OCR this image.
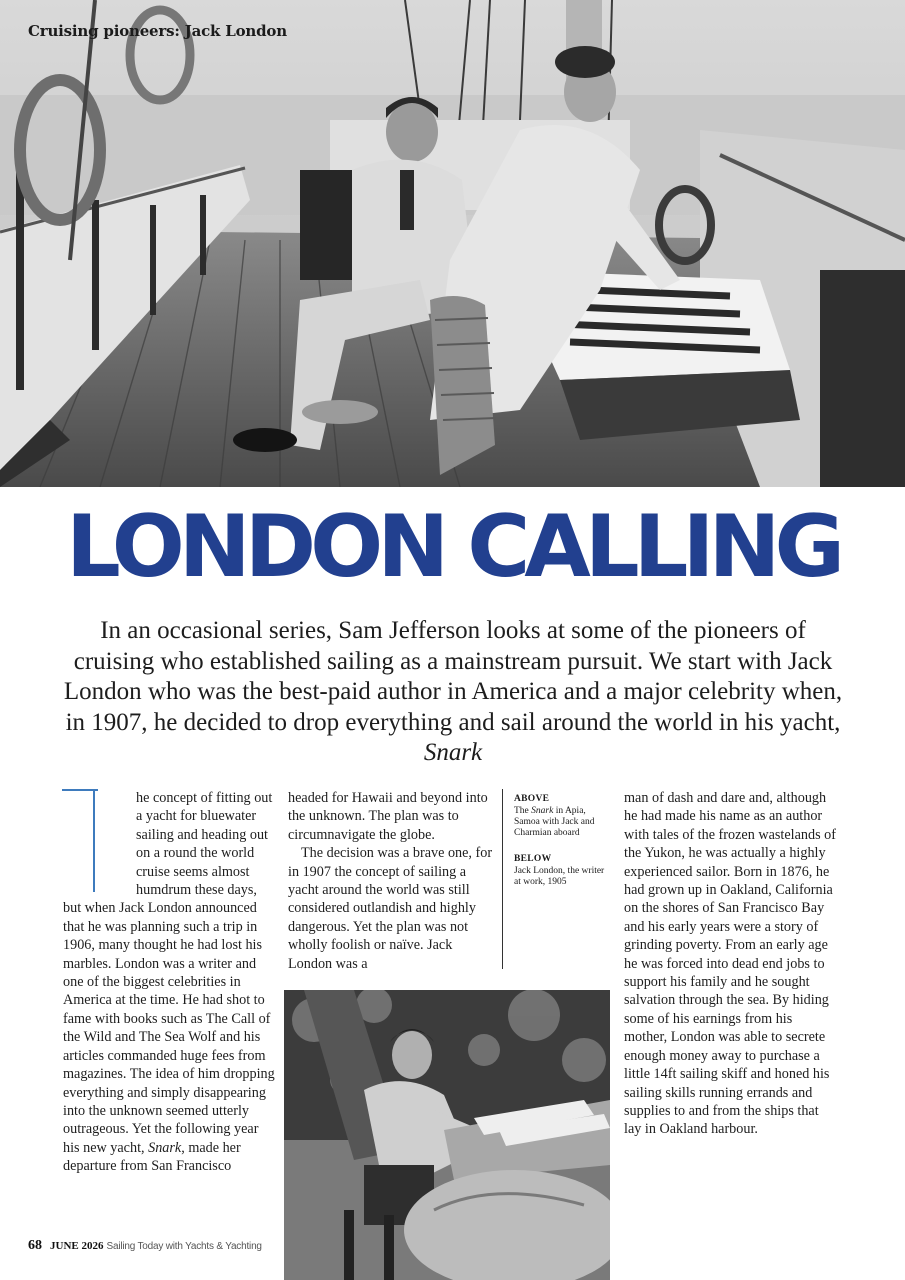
Cruising pioneers: Jack London
LONDON CALLING

In an occasional series, Sam Jefferson looks at some of the pioneers of cruising who established sailing as a mainstream pursuit. We start with Jack London who was the best-paid author in America and a major celebrity when, in 1907, he decided to drop everything and sail around the world in his yacht, Snark

he concept of fitting out a yacht for bluewater sailing and heading out on a round the world cruise seems almost humdrum these days, but when Jack London announced that he was planning such a trip in 1906, many thought he had lost his marbles. London was a writer and one of the biggest celebrities in America at the time. He had shot to fame with books such as The Call of the Wild and The Sea Wolf and his articles commanded huge fees from magazines. The idea of him dropping everything and simply disappearing into the unknown seemed utterly outrageous. Yet the following year his new yacht, Snark, made her departure from San Francisco

headed for Hawaii and beyond into the unknown. The plan was to circumnavigate the globe.

The decision was a brave one, for in 1907 the concept of sailing a yacht around the world was still considered outlandish and highly dangerous. Yet the plan was not wholly foolish or naïve. Jack London was a

ABOVE

The Snark in Apia, Samoa with Jack and Charmian aboard

BELOW

Jack London, the writer at work, 1905

man of dash and dare and, although he had made his name as an author with tales of the frozen wastelands of the Yukon, he was actually a highly experienced sailor. Born in 1876, he had grown up in Oakland, California on the shores of San Francisco Bay and his early years were a story of grinding poverty. From an early age he was forced into dead end jobs to support his family and he sought salvation through the sea. By hiding some of his earnings from his mother, London was able to secrete enough money away to purchase a little 14ft sailing skiff and honed his sailing skills running errands and supplies to and from the ships that lay in Oakland harbour.

68 JUNE 2026 Sailing Today with Yachts & Yachting
